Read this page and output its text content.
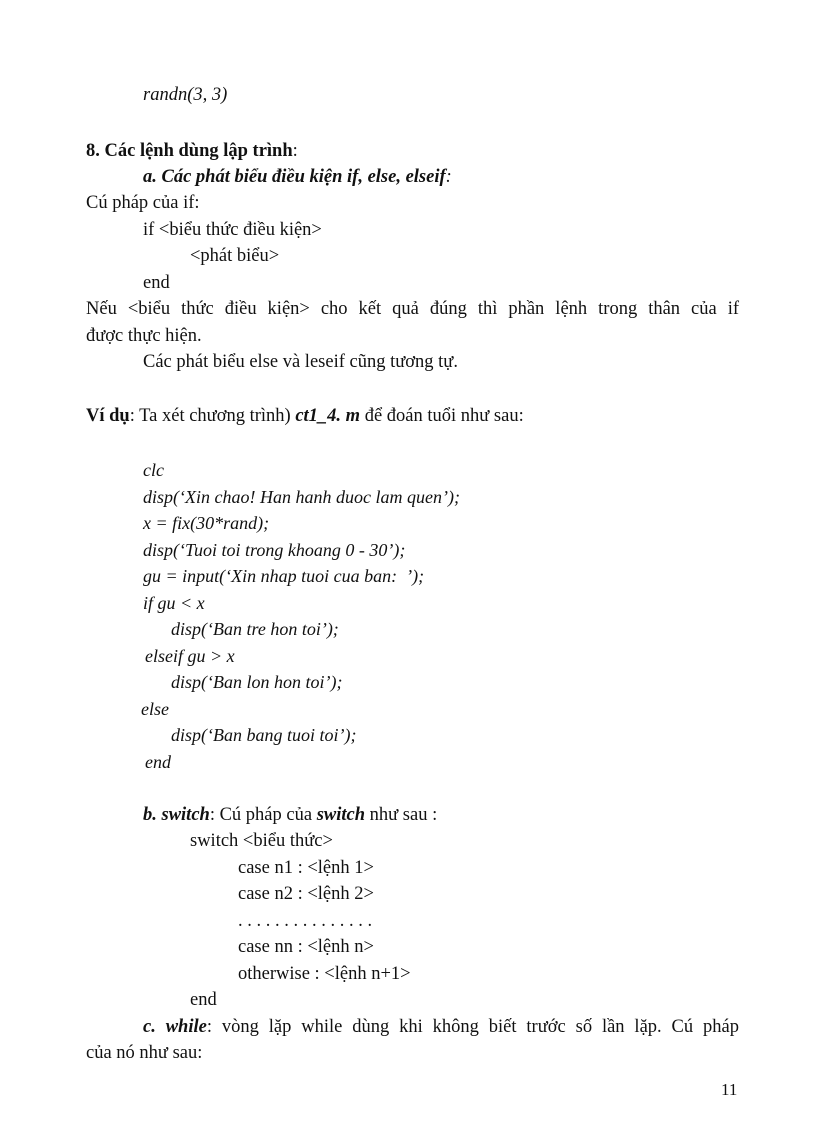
randn(3, 3)
8. Các lệnh dùng lập trình:
a. Các phát biểu điều kiện if, else, elseif:
Cú pháp của if:
if <biểu thức điều kiện>
<phát biểu>
end
Nếu <biểu thức điều kiện> cho kết quả đúng thì phần lệnh trong thân của if
được thực hiện.
Các phát biểu else và leseif cũng tương tự.
Ví dụ: Ta xét chương trình) ct1_4. m để đoán tuổi như sau:
clc
disp(‘Xin chao! Han hanh duoc lam quen’);
x = fix(30*rand);
disp(‘Tuoi toi trong khoang 0 - 30’);
gu = input(‘Xin nhap tuoi cua ban:  ’);
if gu < x
disp(‘Ban tre hon toi’);
elseif gu > x
disp(‘Ban lon hon toi’);
else
disp(‘Ban bang tuoi toi’);
end
b. switch: Cú pháp của switch như sau :
switch <biểu thức>
case n1 : <lệnh 1>
case n2 : <lệnh 2>
. . . . . . . . . . . . . . .
case nn : <lệnh n>
otherwise : <lệnh n+1>
end
c. while: vòng lặp while dùng khi không biết trước số lần lặp. Cú pháp
của nó như sau:
11
